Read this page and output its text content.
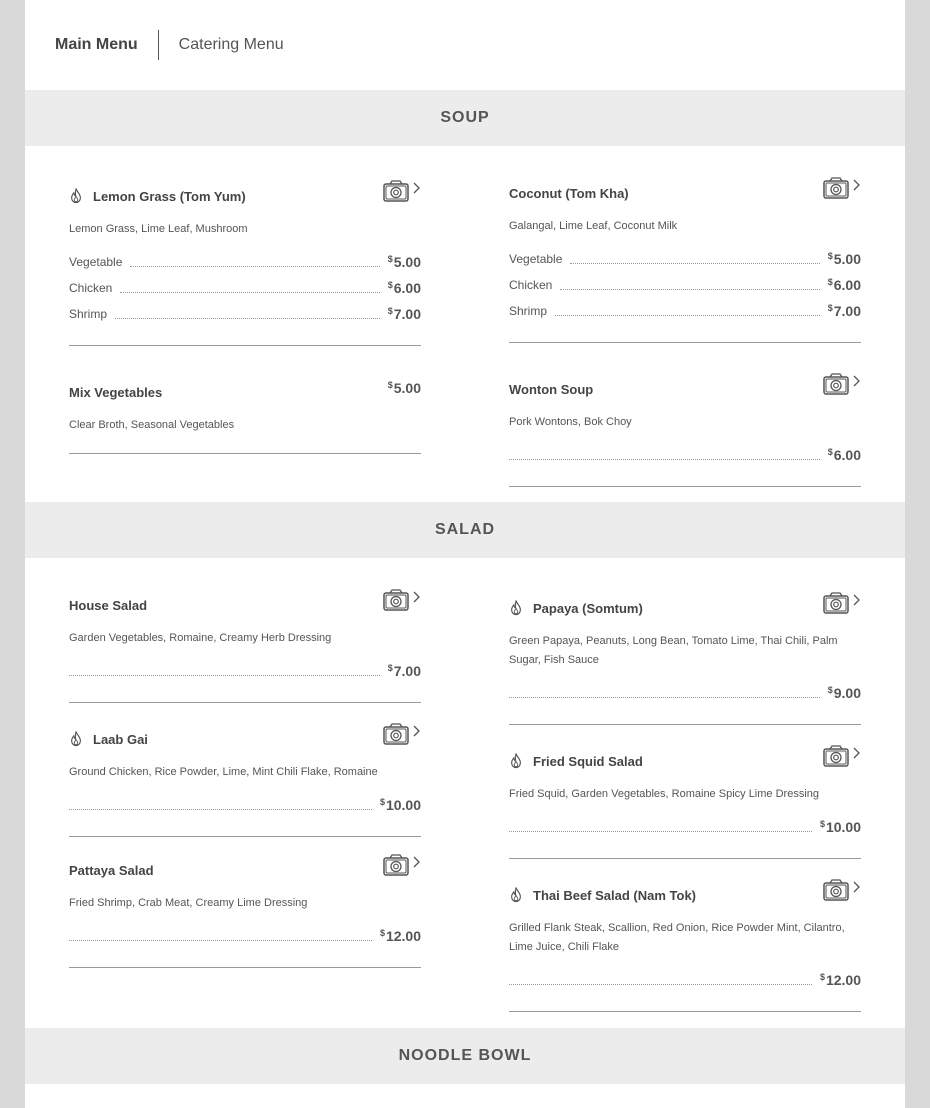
Main Menu	Catering Menu
SOUP
SALAD
NOODLE BOWL
Lemon Grass (Tom Yum)
Lemon Grass, Lime Leaf, Mushroom
Vegetable	$5.00
Chicken	$6.00
Shrimp	$7.00
Coconut (Tom Kha)
Galangal, Lime Leaf, Coconut Milk
Vegetable	$5.00
Chicken	$6.00
Shrimp	$7.00
Mix Vegetables	$5.00
Clear Broth, Seasonal Vegetables
Wonton Soup
Pork Wontons, Bok Choy
$6.00
House Salad
Garden Vegetables, Romaine, Creamy Herb Dressing
$7.00
Papaya (Somtum)
Green Papaya, Peanuts, Long Bean, Tomato Lime, Thai Chili, Palm Sugar, Fish Sauce
$9.00
Laab Gai
Ground Chicken, Rice Powder, Lime, Mint Chili Flake, Romaine
$10.00
Fried Squid Salad
Fried Squid, Garden Vegetables, Romaine Spicy Lime Dressing
$10.00
Pattaya Salad
Fried Shrimp, Crab Meat, Creamy Lime Dressing
$12.00
Thai Beef Salad (Nam Tok)
Grilled Flank Steak, Scallion, Red Onion, Rice Powder Mint, Cilantro, Lime Juice, Chili Flake
$12.00
